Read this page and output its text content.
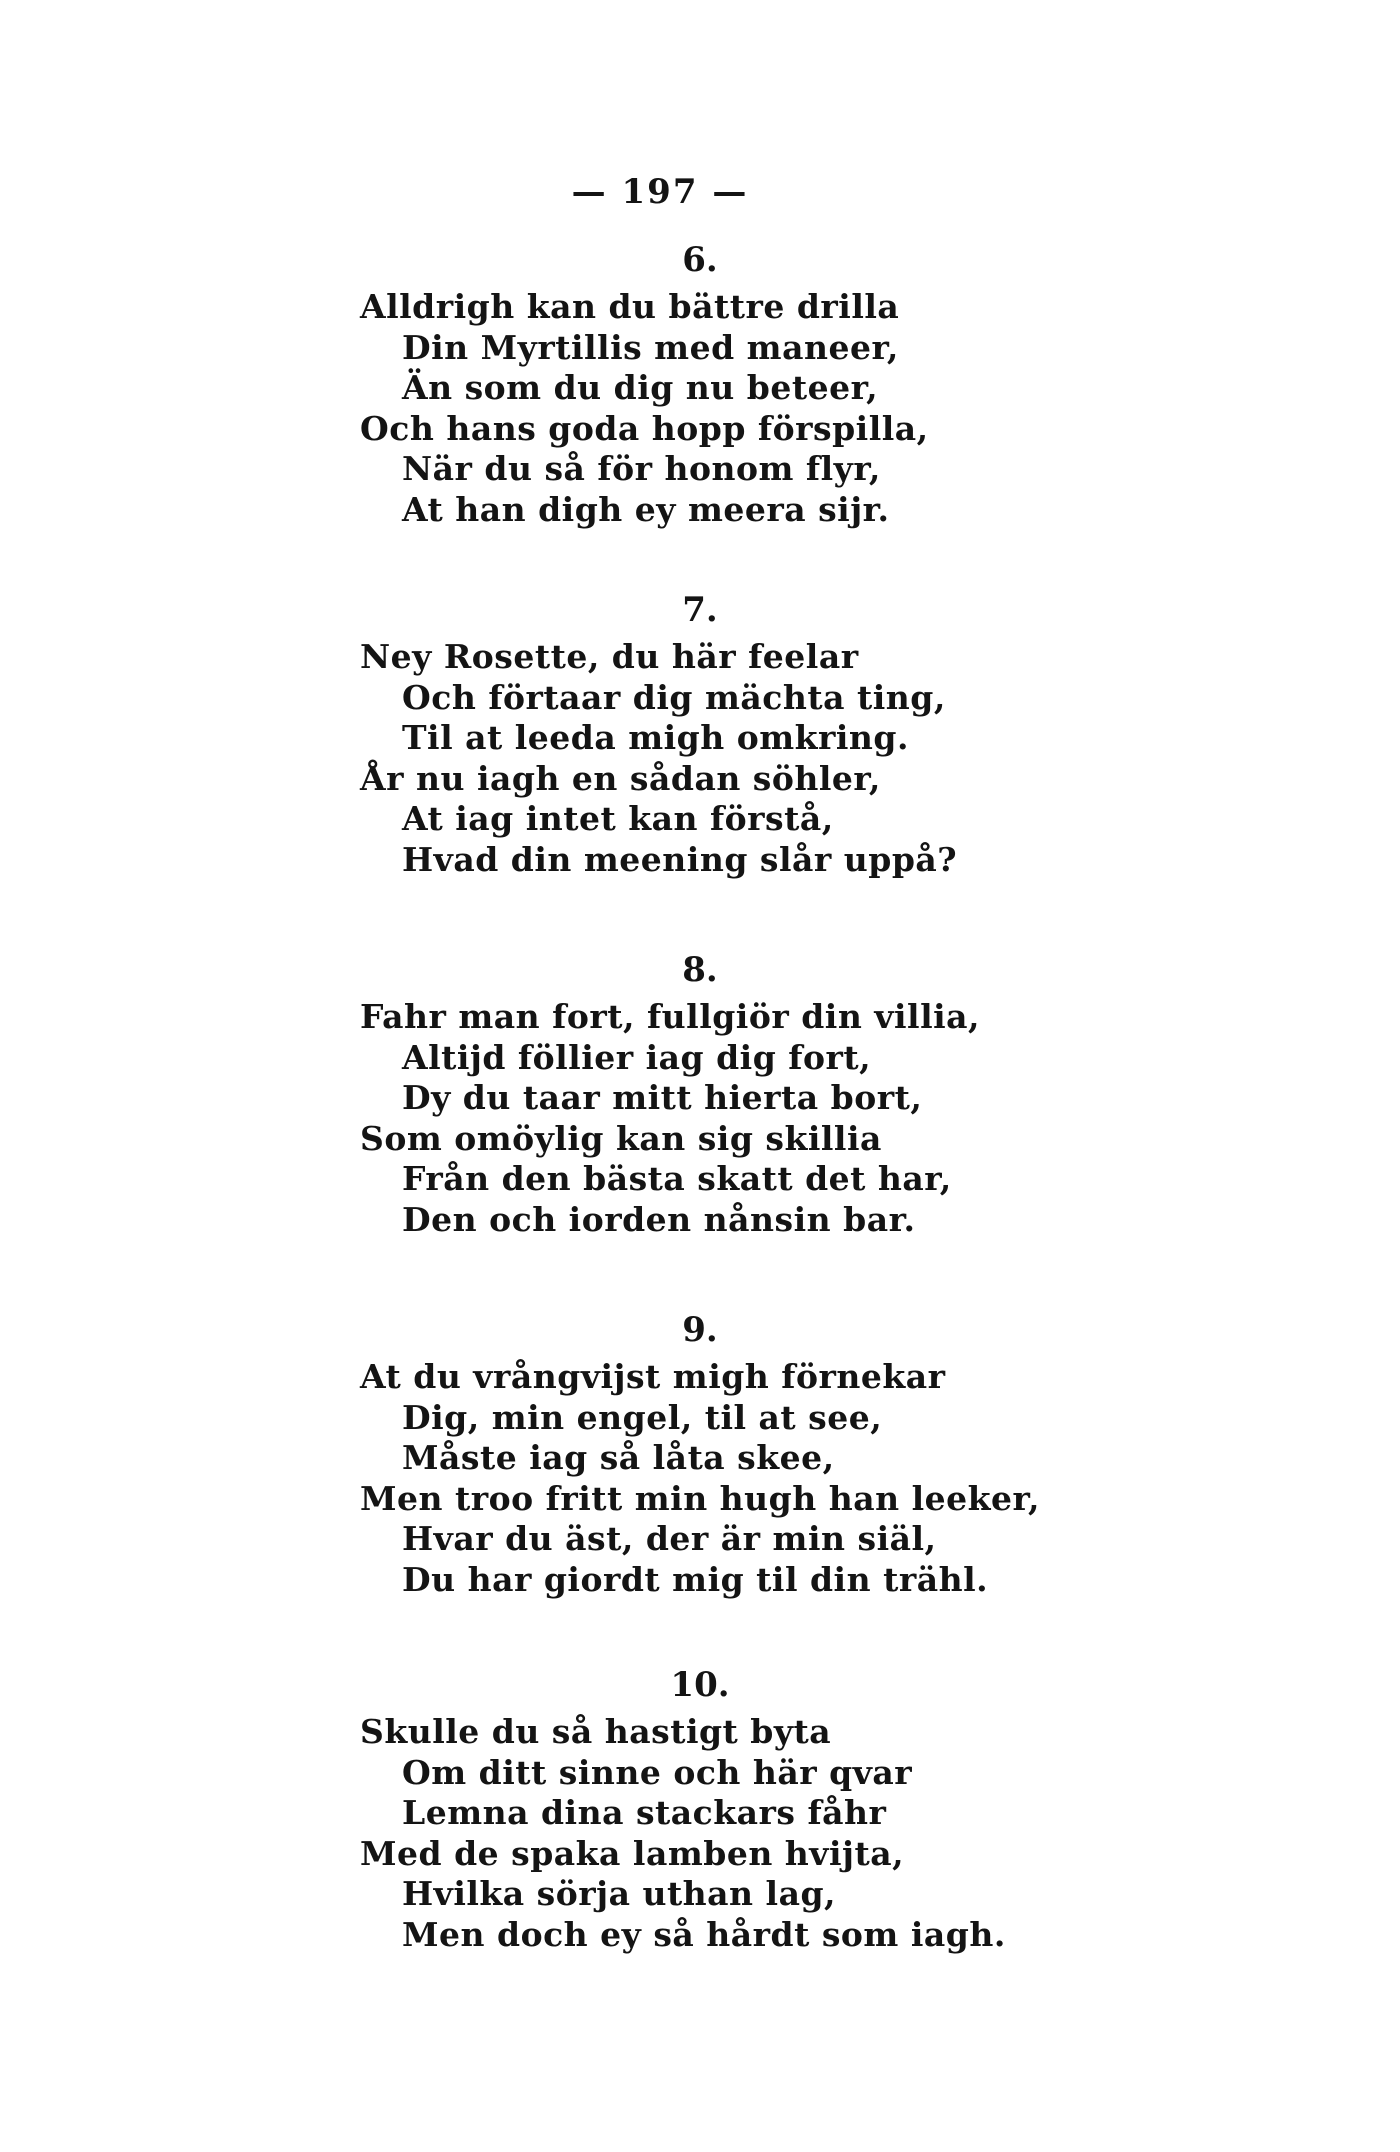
— 197 —

6.

Alldrigh kan du bättre drilla
Din Myrtillis med maneer,
Än som du dig nu beteer,
Och hans goda hopp förspilla,
När du så för honom flyr,
At han digh ey meera sijr.

7.

Ney Rosette, du här feelar
Och förtaar dig mächta ting,
Til at leeda migh omkring.
År nu iagh en sådan söhler,
At iag intet kan förstå,
Hvad din meening slår uppå?

8.

Fahr man fort, fullgiör din villia,
Altijd föllier iag dig fort,
Dy du taar mitt hierta bort,
Som omöylig kan sig skillia
Från den bästa skatt det har,
Den och iorden nånsin bar.

9.

At du vrångvijst migh förnekar
Dig, min engel, til at see,
Måste iag så låta skee,
Men troo fritt min hugh han leeker,
Hvar du äst, der är min siäl,
Du har giordt mig til din trähl.

10.

Skulle du så hastigt byta
Om ditt sinne och här qvar
Lemna dina stackars fåhr
Med de spaka lamben hvijta,
Hvilka sörja uthan lag,
Men doch ey så hårdt som iagh.
